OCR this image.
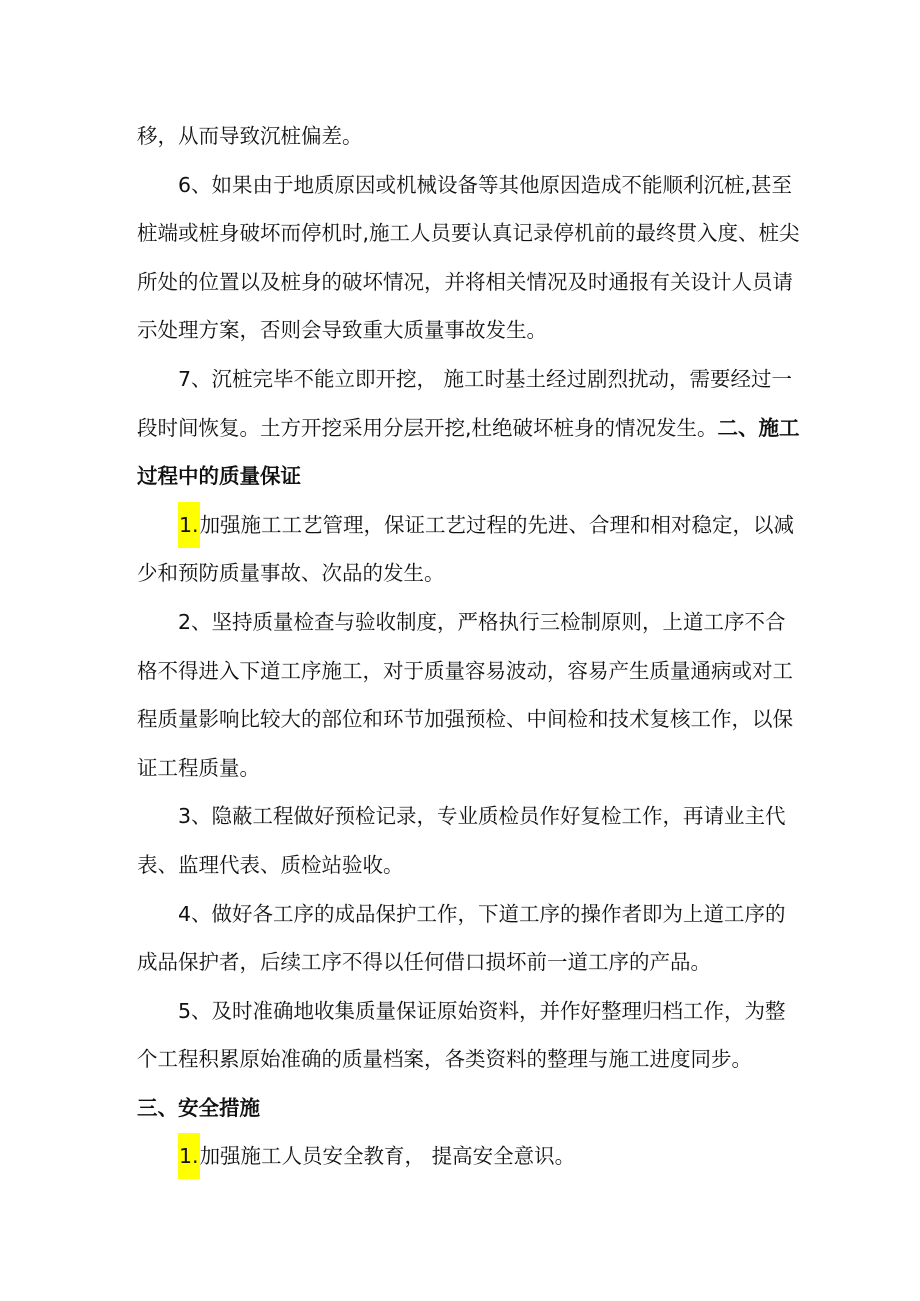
移，从而导致沉桩偏差。
6、如果由于地质原因或机械设备等其他原因造成不能顺利沉桩,甚至
桩端或桩身破坏而停机时,施工人员要认真记录停机前的最终贯入度、桩尖
所处的位置以及桩身的破坏情况，并将相关情况及时通报有关设计人员请
示处理方案，否则会导致重大质量事故发生。
7、沉桩完毕不能立即开挖， 施工时基土经过剧烈扰动，需要经过一
段时间恢复。土方开挖采用分层开挖,杜绝破坏桩身的情况发生。二、施工
过程中的质量保证
1.加强施工工艺管理，保证工艺过程的先进、合理和相对稳定，以减
少和预防质量事故、次品的发生。
2、坚持质量检查与验收制度，严格执行三检制原则，上道工序不合
格不得进入下道工序施工，对于质量容易波动，容易产生质量通病或对工
程质量影响比较大的部位和环节加强预检、中间检和技术复核工作，以保
证工程质量。
3、隐蔽工程做好预检记录，专业质检员作好复检工作，再请业主代
表、监理代表、质检站验收。
4、做好各工序的成品保护工作，下道工序的操作者即为上道工序的
成品保护者，后续工序不得以任何借口损坏前一道工序的产品。
5、及时准确地收集质量保证原始资料，并作好整理归档工作，为整
个工程积累原始准确的质量档案，各类资料的整理与施工进度同步。
三、安全措施
1.加强施工人员安全教育， 提高安全意识。
